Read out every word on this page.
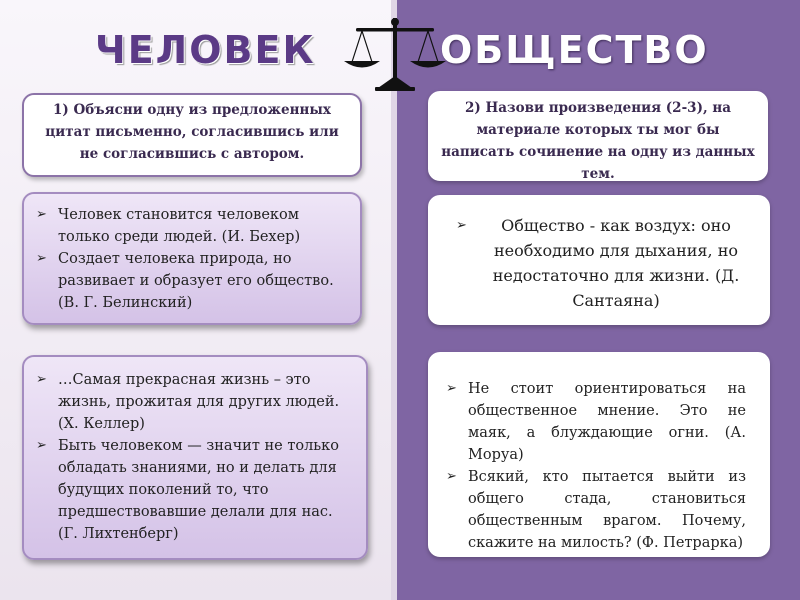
ЧЕЛОВЕК	ОБЩЕСТВО
1) Объясни одну из предложенных цитат письменно, согласившись или не согласившись с автором.
2) Назови произведения (2-3), на материале которых ты мог бы написать сочинение на одну из данных тем.
➢ Человек становится человеком только среди людей. (И. Бехер)
➢ Создает человека природа, но развивает и образует его общество. (В. Г. Белинский)
➢ …Самая прекрасная жизнь – это жизнь, прожитая для других людей. (Х. Келлер)
➢ Быть человеком — значит не только обладать знаниями, но и делать для будущих поколений то, что предшествовавшие делали для нас. (Г. Лихтенберг)
➢ Общество - как воздух: оно необходимо для дыхания, но недостаточно для жизни. (Д. Сантаяна)
➢ Не стоит ориентироваться на общественное мнение. Это не маяк, а блуждающие огни. (А. Моруа)
➢ Всякий, кто пытается выйти из общего стада, становиться общественным врагом. Почему, скажите на милость? (Ф. Петрарка)
